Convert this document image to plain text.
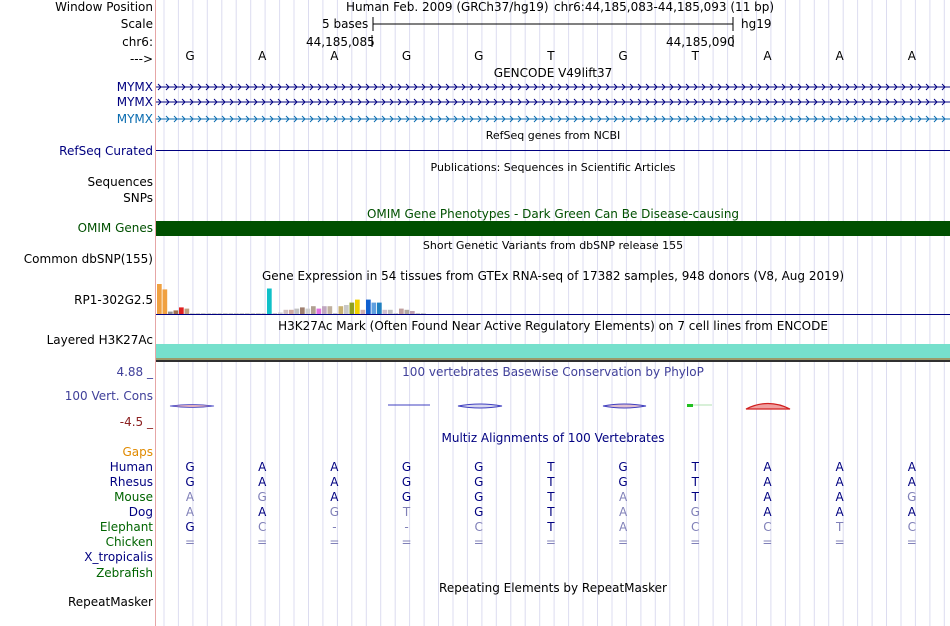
Window Position
Scale
chr6:
--->
Human Feb. 2009 (GRCh37/hg19) chr6:44,185,083-44,185,093 (11 bp)
5 bases	hg19
44,185,085	44,185,090
G	A	A	G	G	T	G	T	A	A	A
GENCODE V49lift37
MYMX
MYMX
MYMX
RefSeq genes from NCBI
RefSeq Curated
Publications: Sequences in Scientific Articles
Sequences
SNPs
OMIM Gene Phenotypes - Dark Green Can Be Disease-causing
OMIM Genes
Short Genetic Variants from dbSNP release 155
Common dbSNP(155)
Gene Expression in 54 tissues from GTEx RNA-seq of 17382 samples, 948 donors (V8, Aug 2019)
RP1-302G2.5
H3K27Ac Mark (Often Found Near Active Regulatory Elements) on 7 cell lines from ENCODE
Layered H3K27Ac
4.88 _	100 vertebrates Basewise Conservation by PhyloP
100 Vert. Cons
-4.5 _
Multiz Alignments of 100 Vertebrates
Gaps
Human	G	A	A	G	G	T	G	T	A	A	A
Rhesus	G	A	A	G	G	T	G	T	A	A	A
Mouse	A	G	A	G	G	T	A	T	A	A	G
Dog	A	A	G	T	G	T	A	G	A	A	A
Elephant	G	C	-	-	C	T	A	C	C	T	C
Chicken	=	=	=	=	=	=	=	=	=	=	=
X_tropicalis
Zebrafish
Repeating Elements by RepeatMasker
RepeatMasker
